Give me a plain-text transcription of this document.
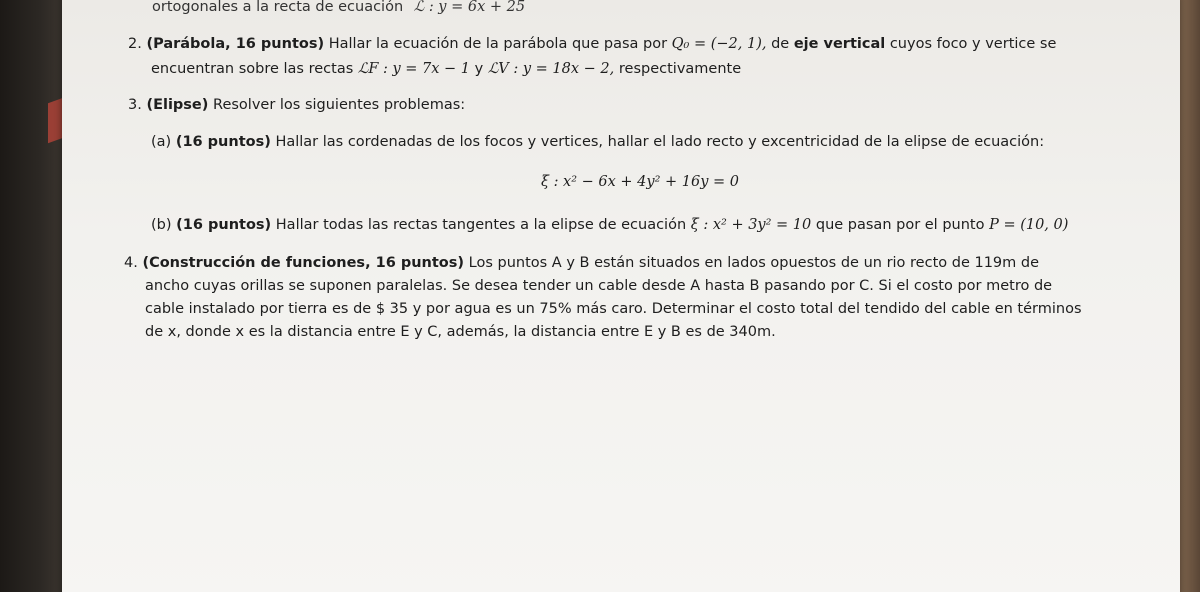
ortogonales a la recta de ecuación ℒ : y = 6x + 25
2. (Parábola, 16 puntos) Hallar la ecuación de la parábola que pasa por Q₀ = (−2, 1), de eje vertical cuyos foco y vertice se
encuentran sobre las rectas ℒF : y = 7x − 1 y ℒV : y = 18x − 2, respectivamente
3. (Elipse) Resolver los siguientes problemas:
(a) (16 puntos) Hallar las cordenadas de los focos y vertices, hallar el lado recto y excentricidad de la elipse de ecuación:
ξ : x² − 6x + 4y² + 16y = 0
(b) (16 puntos) Hallar todas las rectas tangentes a la elipse de ecuación ξ : x² + 3y² = 10 que pasan por el punto P = (10, 0)
4. (Construcción de funciones, 16 puntos) Los puntos A y B están situados en lados opuestos de un rio recto de 119m de
ancho cuyas orillas se suponen paralelas. Se desea tender un cable desde A hasta B pasando por C. Si el costo por metro de
cable instalado por tierra es de $ 35 y por agua es un 75% más caro. Determinar el costo total del tendido del cable en términos
de x, donde x es la distancia entre E y C, además, la distancia entre E y B es de 340m.
